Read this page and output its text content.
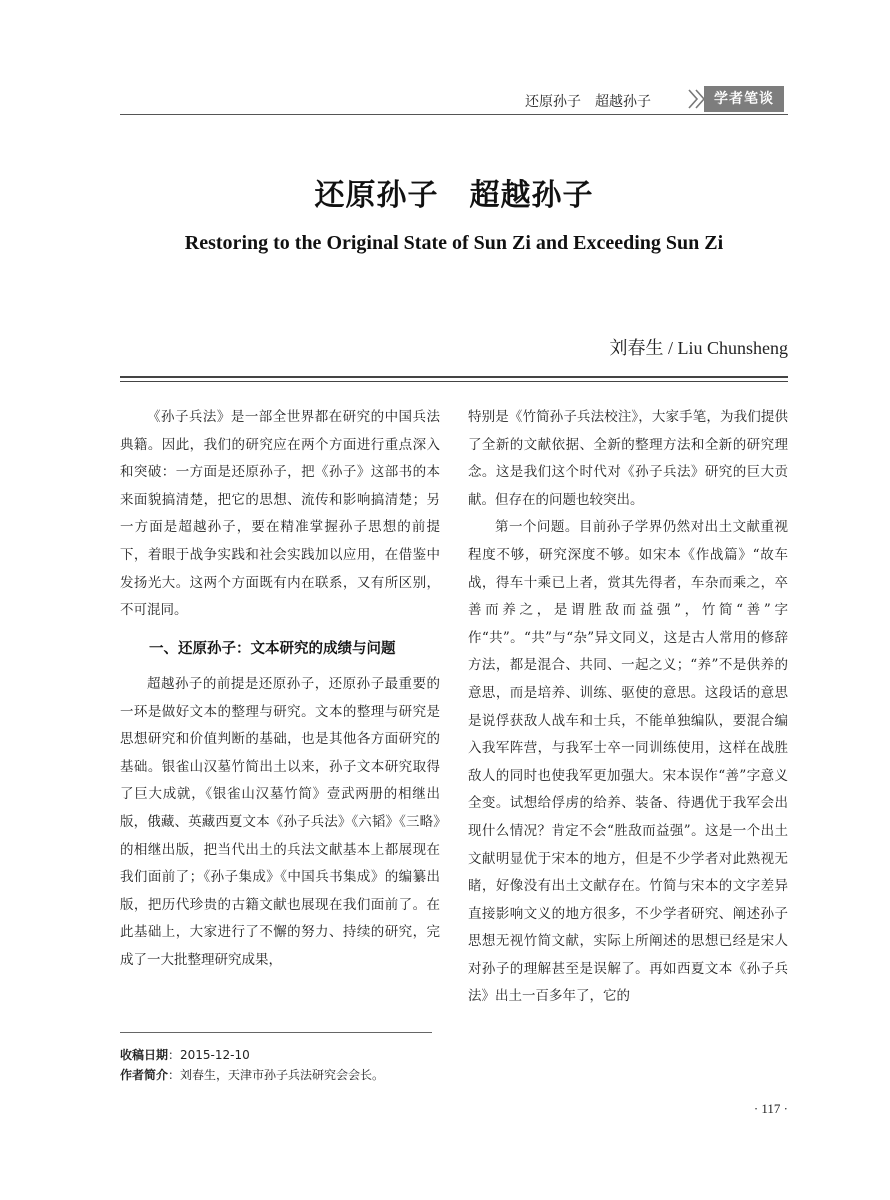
还原孙子　超越孙子	学者笔谈
还原孙子　超越孙子
Restoring to the Original State of Sun Zi and Exceeding Sun Zi
刘春生 / Liu Chunsheng

《孙子兵法》是一部全世界都在研究的中国兵法典籍。因此，我们的研究应在两个方面进行重点深入和突破：一方面是还原孙子，把《孙子》这部书的本来面貌搞清楚，把它的思想、流传和影响搞清楚；另一方面是超越孙子，要在精准掌握孙子思想的前提下，着眼于战争实践和社会实践加以应用，在借鉴中发扬光大。这两个方面既有内在联系，又有所区别，不可混同。

一、还原孙子：文本研究的成绩与问题

超越孙子的前提是还原孙子，还原孙子最重要的一环是做好文本的整理与研究。文本的整理与研究是思想研究和价值判断的基础，也是其他各方面研究的基础。银雀山汉墓竹简出土以来，孙子文本研究取得了巨大成就，《银雀山汉墓竹简》壹武两册的相继出版，俄藏、英藏西夏文本《孙子兵法》《六韬》《三略》的相继出版，把当代出土的兵法文献基本上都展现在我们面前了；《孙子集成》《中国兵书集成》的编纂出版，把历代珍贵的古籍文献也展现在我们面前了。在此基础上，大家进行了不懈的努力、持续的研究，完成了一大批整理研究成果，

特别是《竹简孙子兵法校注》，大家手笔，为我们提供了全新的文献依据、全新的整理方法和全新的研究理念。这是我们这个时代对《孙子兵法》研究的巨大贡献。但存在的问题也较突出。

第一个问题。目前孙子学界仍然对出土文献重视程度不够，研究深度不够。如宋本《作战篇》“故车战，得车十乘已上者，赏其先得者，车杂而乘之，卒善而养之，是谓胜敌而益强”，竹简“善”字作“共”。“共”与“杂”异文同义，这是古人常用的修辞方法，都是混合、共同、一起之义；“养”不是供养的意思，而是培养、训练、驱使的意思。这段话的意思是说俘获敌人战车和士兵，不能单独编队，要混合编入我军阵营，与我军士卒一同训练使用，这样在战胜敌人的同时也使我军更加强大。宋本误作“善”字意义全变。试想给俘虏的给养、装备、待遇优于我军会出现什么情况？肯定不会“胜敌而益强”。这是一个出土文献明显优于宋本的地方，但是不少学者对此熟视无睹，好像没有出土文献存在。竹简与宋本的文字差异直接影响文义的地方很多，不少学者研究、阐述孙子思想无视竹简文献，实际上所阐述的思想已经是宋人对孙子的理解甚至是误解了。再如西夏文本《孙子兵法》出土一百多年了，它的

收稿日期：2015-12-10
作者简介：刘春生，天津市孙子兵法研究会会长。
· 117 ·
